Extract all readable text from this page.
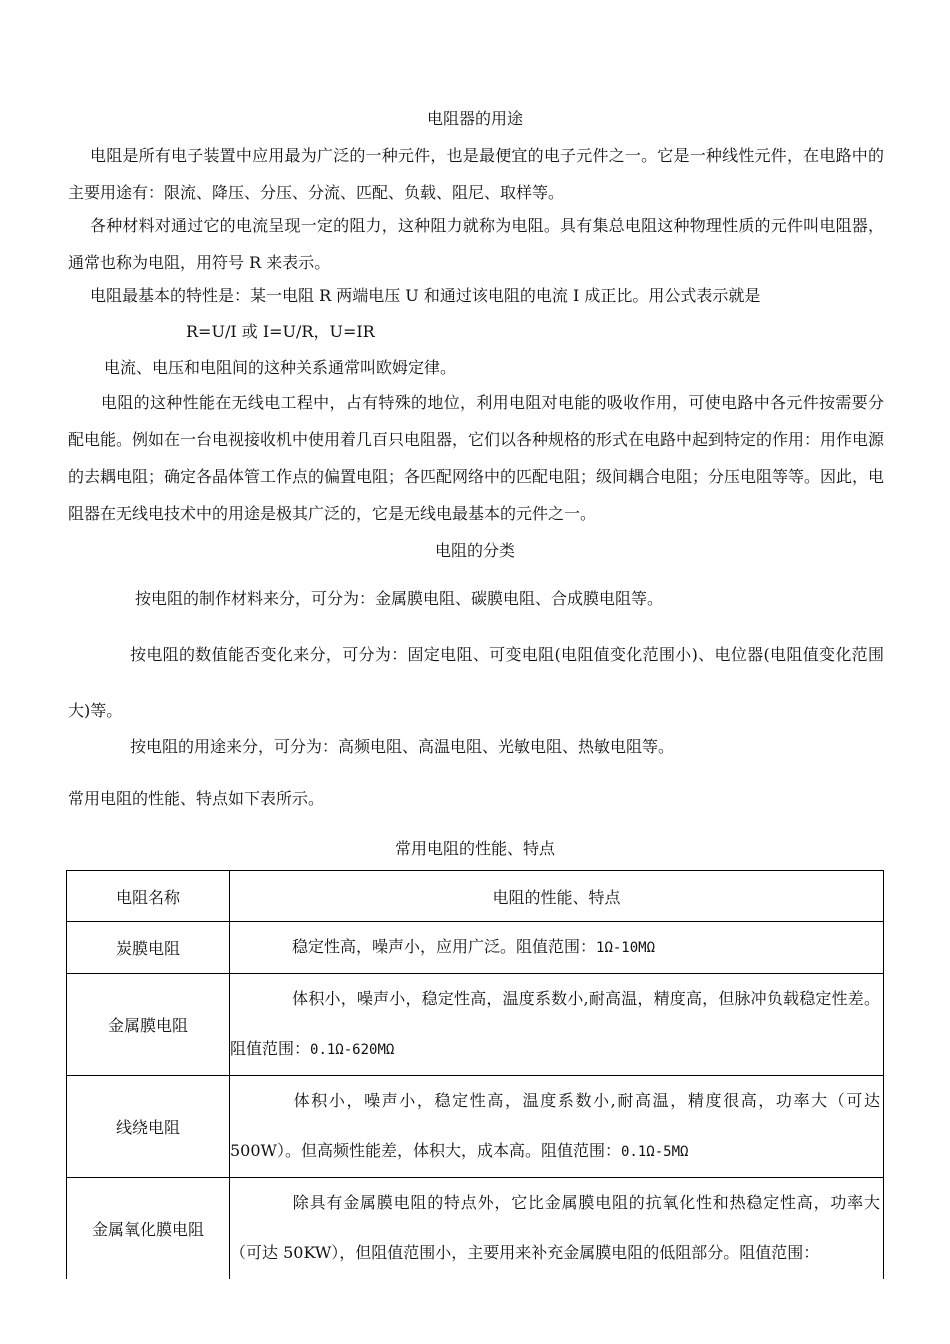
电阻器的用途
电阻是所有电子装置中应用最为广泛的一种元件，也是最便宜的电子元件之一。它是一种线性元件，在电路中的主要用途有：限流、降压、分压、分流、匹配、负载、阻尼、取样等。
各种材料对通过它的电流呈现一定的阻力，这种阻力就称为电阻。具有集总电阻这种物理性质的元件叫电阻器，通常也称为电阻，用符号 R 来表示。
电阻最基本的特性是：某一电阻 R 两端电压 U 和通过该电阻的电流 I 成正比。用公式表示就是
R=U/I 或 I=U/R，U=IR
电流、电压和电阻间的这种关系通常叫欧姆定律。
电阻的这种性能在无线电工程中，占有特殊的地位，利用电阻对电能的吸收作用，可使电路中各元件按需要分配电能。例如在一台电视接收机中使用着几百只电阻器，它们以各种规格的形式在电路中起到特定的作用：用作电源的去耦电阻；确定各晶体管工作点的偏置电阻；各匹配网络中的匹配电阻；级间耦合电阻；分压电阻等等。因此，电阻器在无线电技术中的用途是极其广泛的，它是无线电最基本的元件之一。
电阻的分类
按电阻的制作材料来分，可分为：金属膜电阻、碳膜电阻、合成膜电阻等。
按电阻的数值能否变化来分，可分为：固定电阻、可变电阻(电阻值变化范围小)、电位器(电阻值变化范围大)等。
按电阻的用途来分，可分为：高频电阻、高温电阻、光敏电阻、热敏电阻等。
常用电阻的性能、特点如下表所示。
常用电阻的性能、特点
电阻名称	电阻的性能、特点
炭膜电阻	稳定性高，噪声小，应用广泛。阻值范围：1Ω-10MΩ
金属膜电阻	体积小，噪声小，稳定性高，温度系数小,耐高温，精度高，但脉冲负载稳定性差。阻值范围：0.1Ω-620MΩ
线绕电阻	体积小，噪声小，稳定性高，温度系数小,耐高温，精度很高，功率大（可达500W）。但高频性能差，体积大，成本高。阻值范围：0.1Ω-5MΩ
金属氧化膜电阻	除具有金属膜电阻的特点外，它比金属膜电阻的抗氧化性和热稳定性高，功率大（可达 50KW），但阻值范围小，主要用来补充金属膜电阻的低阻部分。阻值范围：
